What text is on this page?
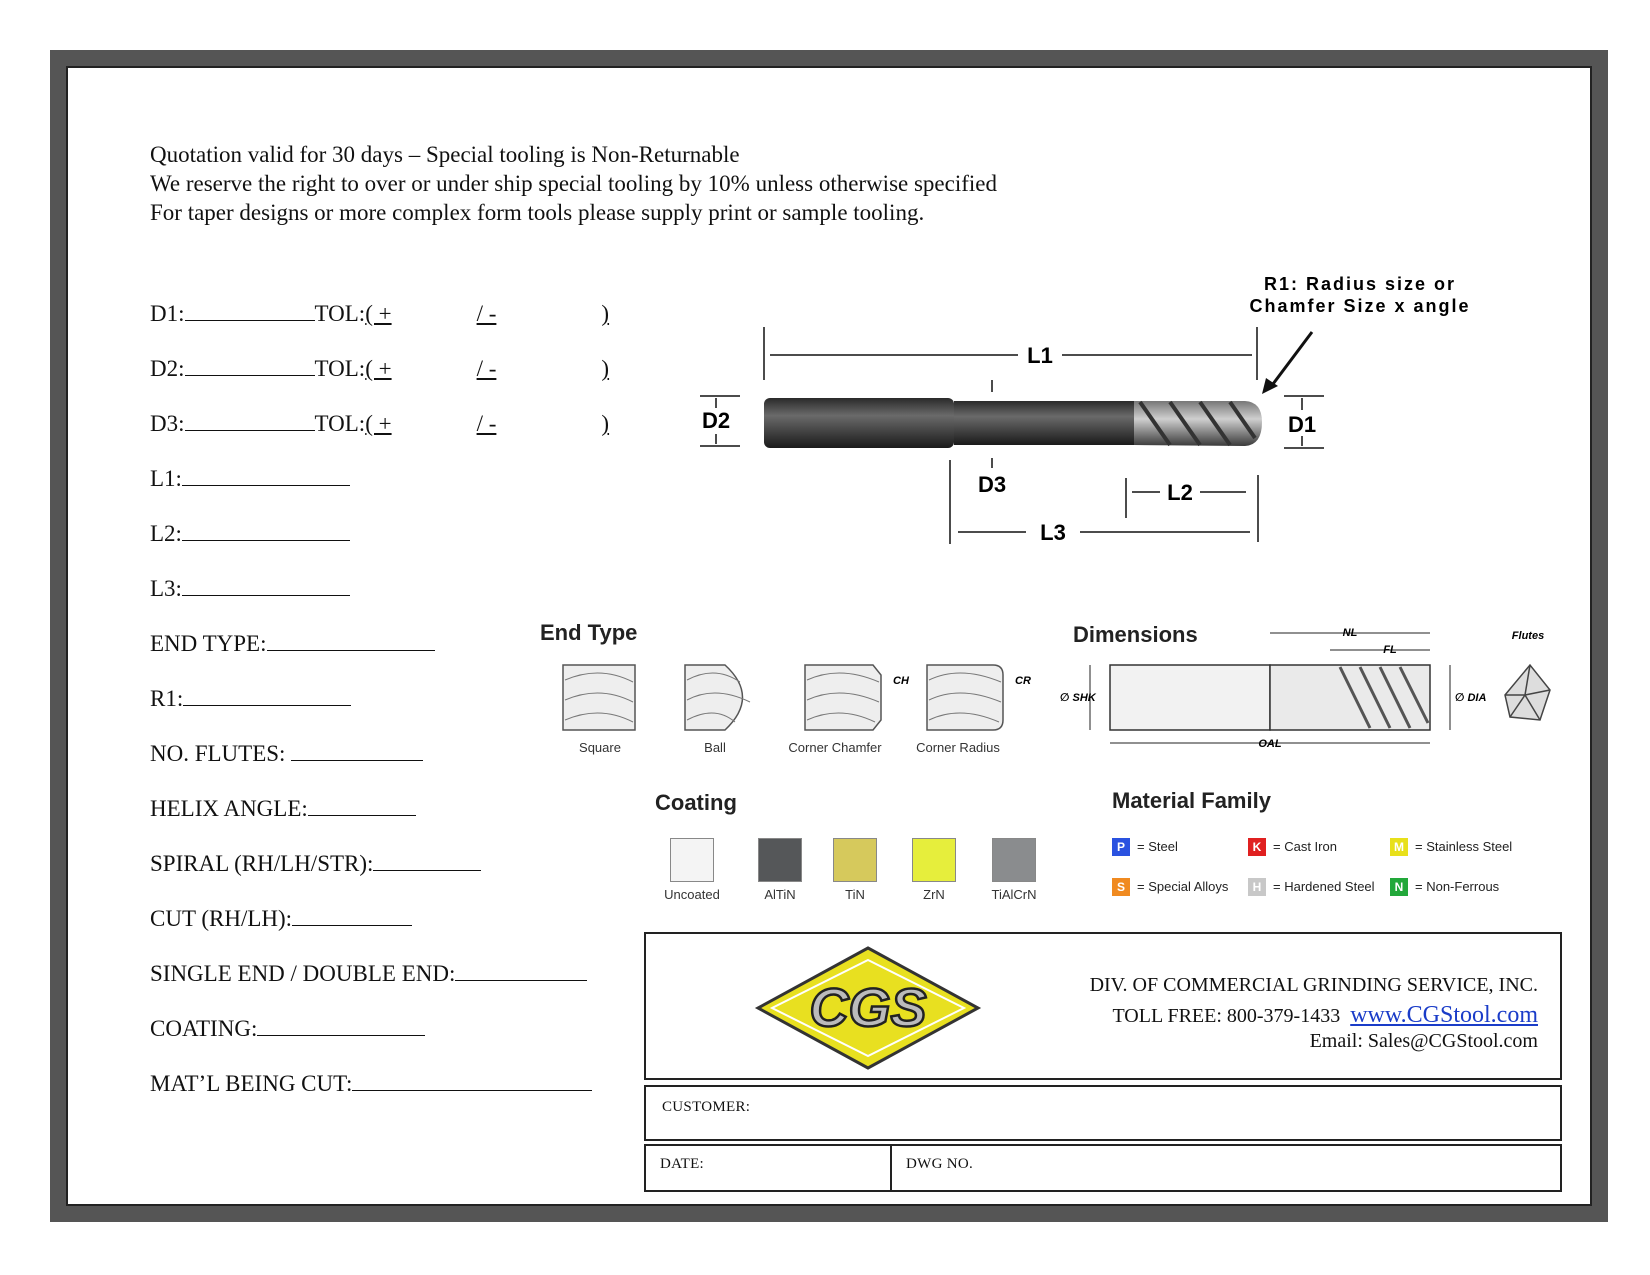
Quotation valid for 30 days – Special tooling is Non-Returnable
We reserve the right to over or under ship special tooling by 10% unless otherwise specified
For taper designs or more complex form tools please supply print or sample tooling.
D1:	TOL:( +	/ -	)
D2:	TOL:( +	/ -	)
D3:	TOL:( +	/ -	)
L1:
L2:
L3:
END TYPE:
R1:
NO. FLUTES:
HELIX ANGLE:
SPIRAL (RH/LH/STR):
CUT (RH/LH):
SINGLE END / DOUBLE END:
COATING:
MAT’L BEING CUT:
L1
R1: Radius size or
Chamfer Size x angle
D2	D1
D3	L2
L3
End Type
CH	CR
Square	Ball	Corner Chamfer	Corner Radius
Dimensions	NL
FL
OAL
∅ SHK	∅ DIA
Flutes
Coating
Uncoated	AlTiN	TiN	ZrN	TiAlCrN
Material Family
P = Steel	K = Cast Iron	M = Stainless Steel
S = Special Alloys	H = Hardened Steel	N = Non-Ferrous
CGS	DIV. OF COMMERCIAL GRINDING SERVICE, INC.
TOLL FREE: 800-379-1433 www.CGStool.com
Email: Sales@CGStool.com
CUSTOMER:
DATE:	DWG NO.
